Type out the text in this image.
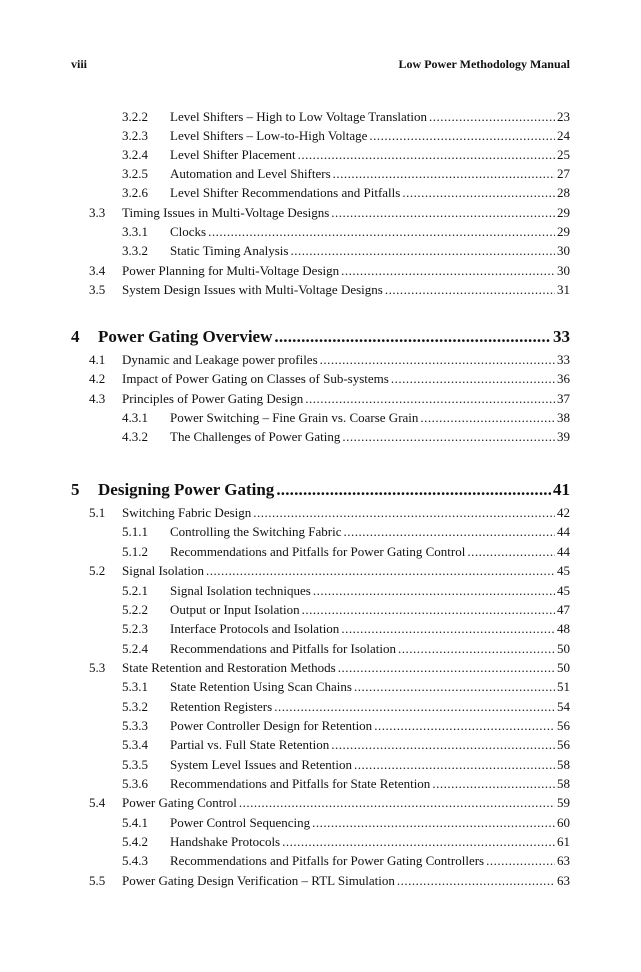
viii	Low Power Methodology Manual
3.2.2	Level Shifters – High to Low Voltage Translation .....	23
3.2.3	Level Shifters – Low-to-High Voltage .....	24
3.2.4	Level Shifter Placement .....	25
3.2.5	Automation and Level Shifters .....	27
3.2.6	Level Shifter Recommendations and Pitfalls .....	28
3.3	Timing Issues in Multi-Voltage Designs .....	29
3.3.1	Clocks .....	29
3.3.2	Static Timing Analysis .....	30
3.4	Power Planning for Multi-Voltage Design .....	30
3.5	System Design Issues with Multi-Voltage Designs .....	31
4	Power Gating Overview .....	33
4.1	Dynamic and Leakage power profiles .....	33
4.2	Impact of Power Gating on Classes of Sub-systems .....	36
4.3	Principles of Power Gating Design .....	37
4.3.1	Power Switching – Fine Grain vs. Coarse Grain .....	38
4.3.2	The Challenges of Power Gating .....	39
5	Designing Power Gating .....	41
5.1	Switching Fabric Design .....	42
5.1.1	Controlling the Switching Fabric .....	44
5.1.2	Recommendations and Pitfalls for Power Gating Control .....	44
5.2	Signal Isolation .....	45
5.2.1	Signal Isolation techniques .....	45
5.2.2	Output or Input Isolation .....	47
5.2.3	Interface Protocols and Isolation .....	48
5.2.4	Recommendations and Pitfalls for Isolation .....	50
5.3	State Retention and Restoration Methods .....	50
5.3.1	State Retention Using Scan Chains .....	51
5.3.2	Retention Registers .....	54
5.3.3	Power Controller Design for Retention .....	56
5.3.4	Partial vs. Full State Retention .....	56
5.3.5	System Level Issues and Retention .....	58
5.3.6	Recommendations and Pitfalls for State Retention .....	58
5.4	Power Gating Control .....	59
5.4.1	Power Control Sequencing .....	60
5.4.2	Handshake Protocols .....	61
5.4.3	Recommendations and Pitfalls for Power Gating Controllers .....	63
5.5	Power Gating Design Verification – RTL Simulation .....	63
